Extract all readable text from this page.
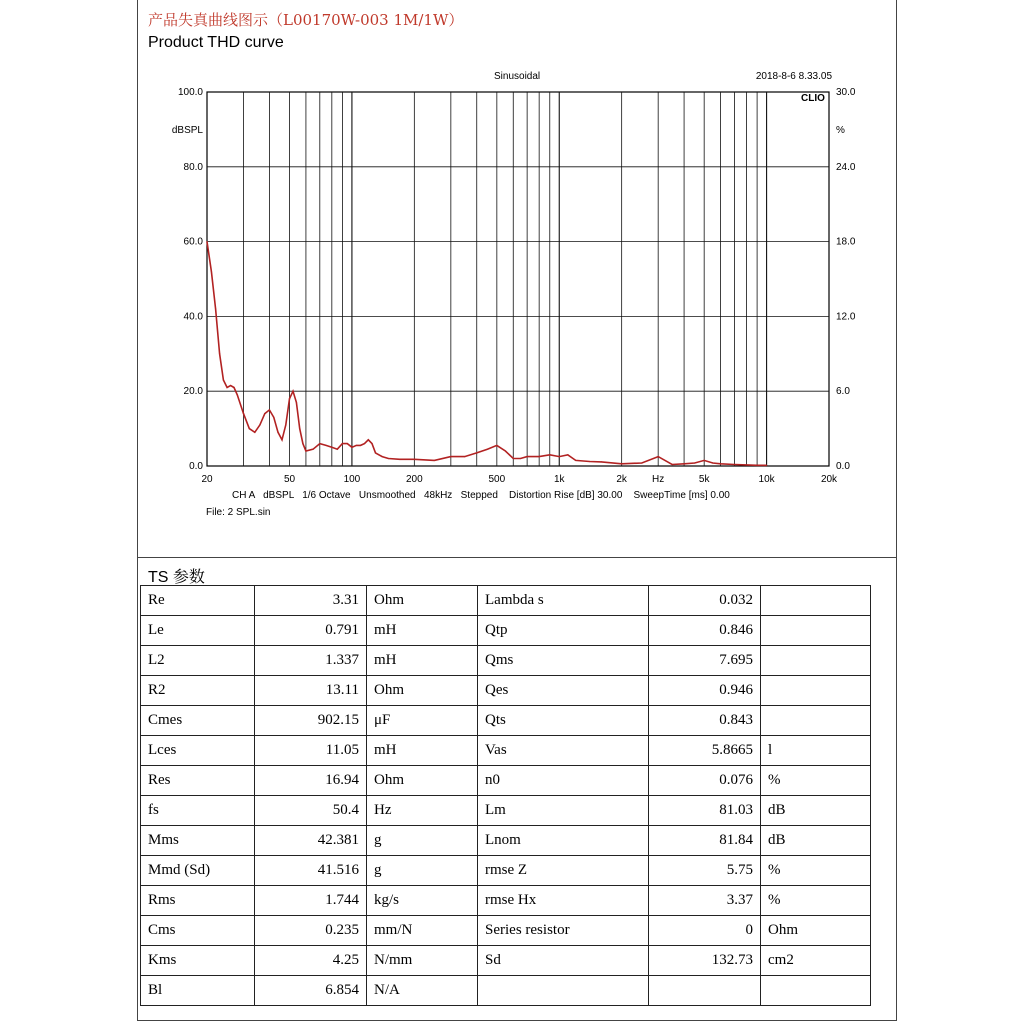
产品失真曲线图示（L00170W-003 1M/1W）
Product THD curve
20	50	100	200	500	1k	2k	Hz	5k	10k	20k
0.0
20.0
40.0
60.0
80.0
100.0
0.0
6.0
12.0
18.0
24.0
30.0
Sinusoidal	2018-8-6 8.33.05
CLIO
dBSPL	%
CH A   dBSPL   1/6 Octave   Unsmoothed   48kHz   Stepped    Distortion Rise [dB] 30.00    SweepTime [ms] 0.00
File: 2 SPL.sin
TS 参数
Re	3.31	Ohm	Lambda s	0.032	
Le	0.791	mH	Qtp	0.846	
L2	1.337	mH	Qms	7.695	
R2	13.11	Ohm	Qes	0.946	
Cmes	902.15	μF	Qts	0.843	
Lces	11.05	mH	Vas	5.8665	l
Res	16.94	Ohm	n0	0.076	%
fs	50.4	Hz	Lm	81.03	dB
Mms	42.381	g	Lnom	81.84	dB
Mmd (Sd)	41.516	g	rmse Z	5.75	%
Rms	1.744	kg/s	rmse Hx	3.37	%
Cms	0.235	mm/N	Series resistor	0	Ohm
Kms	4.25	N/mm	Sd	132.73	cm2
Bl	6.854	N/A			
